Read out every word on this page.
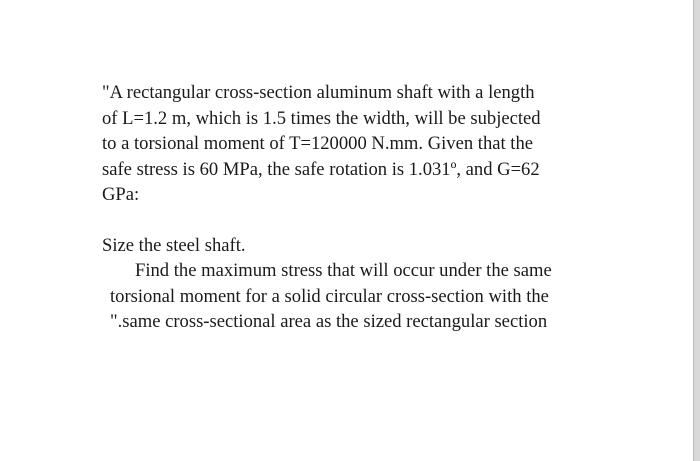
"A rectangular cross-section aluminum shaft with a length
of L=1.2 m, which is 1.5 times the width, will be subjected
to a torsional moment of T=120000 N.mm. Given that the
safe stress is 60 MPa, the safe rotation is 1.031º, and G=62
GPa:
Size the steel shaft.
Find the maximum stress that will occur under the same
torsional moment for a solid circular cross-section with the
".same cross-sectional area as the sized rectangular section
